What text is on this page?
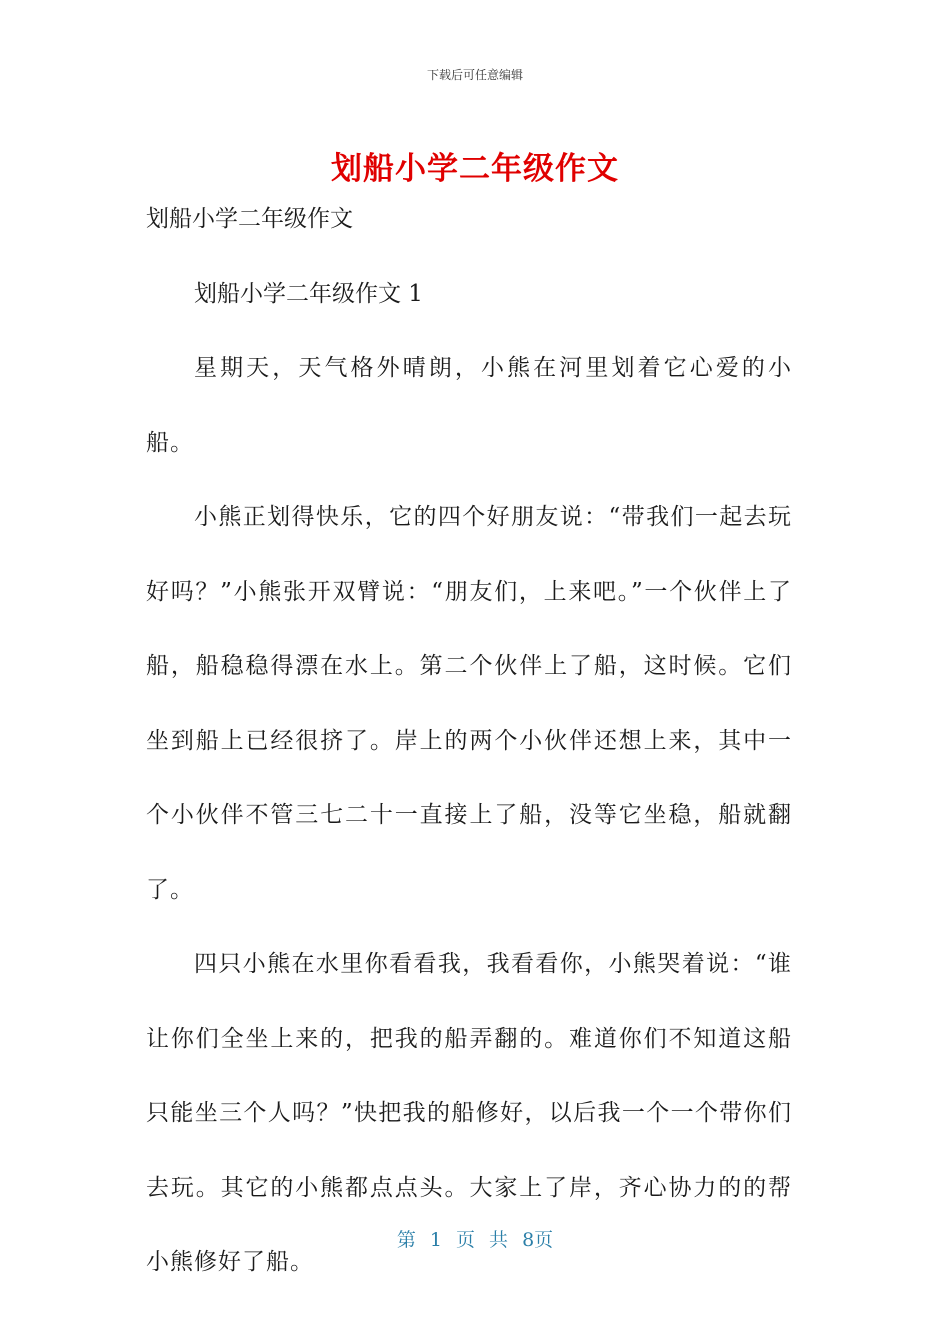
下载后可任意编辑
划船小学二年级作文

划船小学二年级作文

划船小学二年级作文 1

星期天，天气格外晴朗，小熊在河里划着它心爱的小船。

小熊正划得快乐，它的四个好朋友说：“带我们一起去玩好吗？”小熊张开双臂说：“朋友们，上来吧。”一个伙伴上了船，船稳稳得漂在水上。第二个伙伴上了船，这时候。它们坐到船上已经很挤了。岸上的两个小伙伴还想上来，其中一个小伙伴不管三七二十一直接上了船，没等它坐稳，船就翻了。

四只小熊在水里你看看我，我看看你，小熊哭着说：“谁让你们全坐上来的，把我的船弄翻的。难道你们不知道这船只能坐三个人吗？”快把我的船修好，以后我一个一个带你们去玩。其它的小熊都点点头。大家上了岸，齐心协力的的帮小熊修好了船。

第 1 页 共 8页
